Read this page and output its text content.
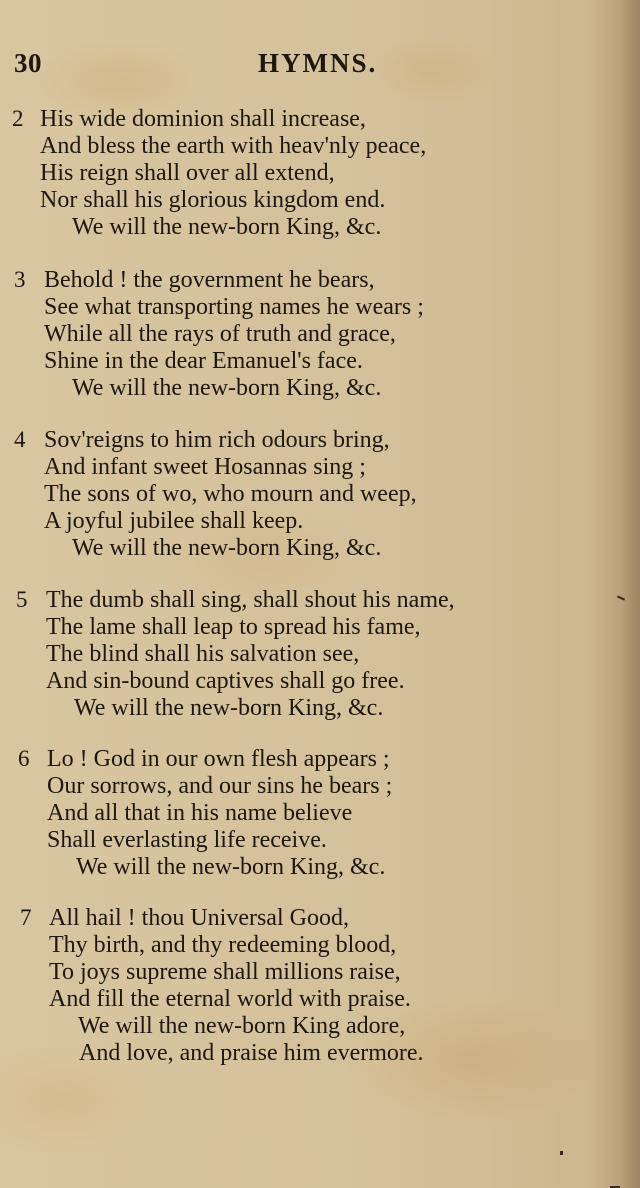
30	HYMNS.
2 His wide dominion shall increase,
And bless the earth with heav'nly peace,
His reign shall over all extend,
Nor shall his glorious kingdom end.
We will the new-born King, &c.
3 Behold ! the government he bears,
See what transporting names he wears ;
While all the rays of truth and grace,
Shine in the dear Emanuel's face.
We will the new-born King, &c.
4 Sov'reigns to him rich odours bring,
And infant sweet Hosannas sing ;
The sons of wo, who mourn and weep,
A joyful jubilee shall keep.
We will the new-born King, &c.
5 The dumb shall sing, shall shout his name,
The lame shall leap to spread his fame,
The blind shall his salvation see,
And sin-bound captives shall go free.
We will the new-born King, &c.
6 Lo ! God in our own flesh appears ;
Our sorrows, and our sins he bears ;
And all that in his name believe
Shall everlasting life receive.
We will the new-born King, &c.
7 All hail ! thou Universal Good,
Thy birth, and thy redeeming blood,
To joys supreme shall millions raise,
And fill the eternal world with praise.
We will the new-born King adore,
And love, and praise him evermore.
